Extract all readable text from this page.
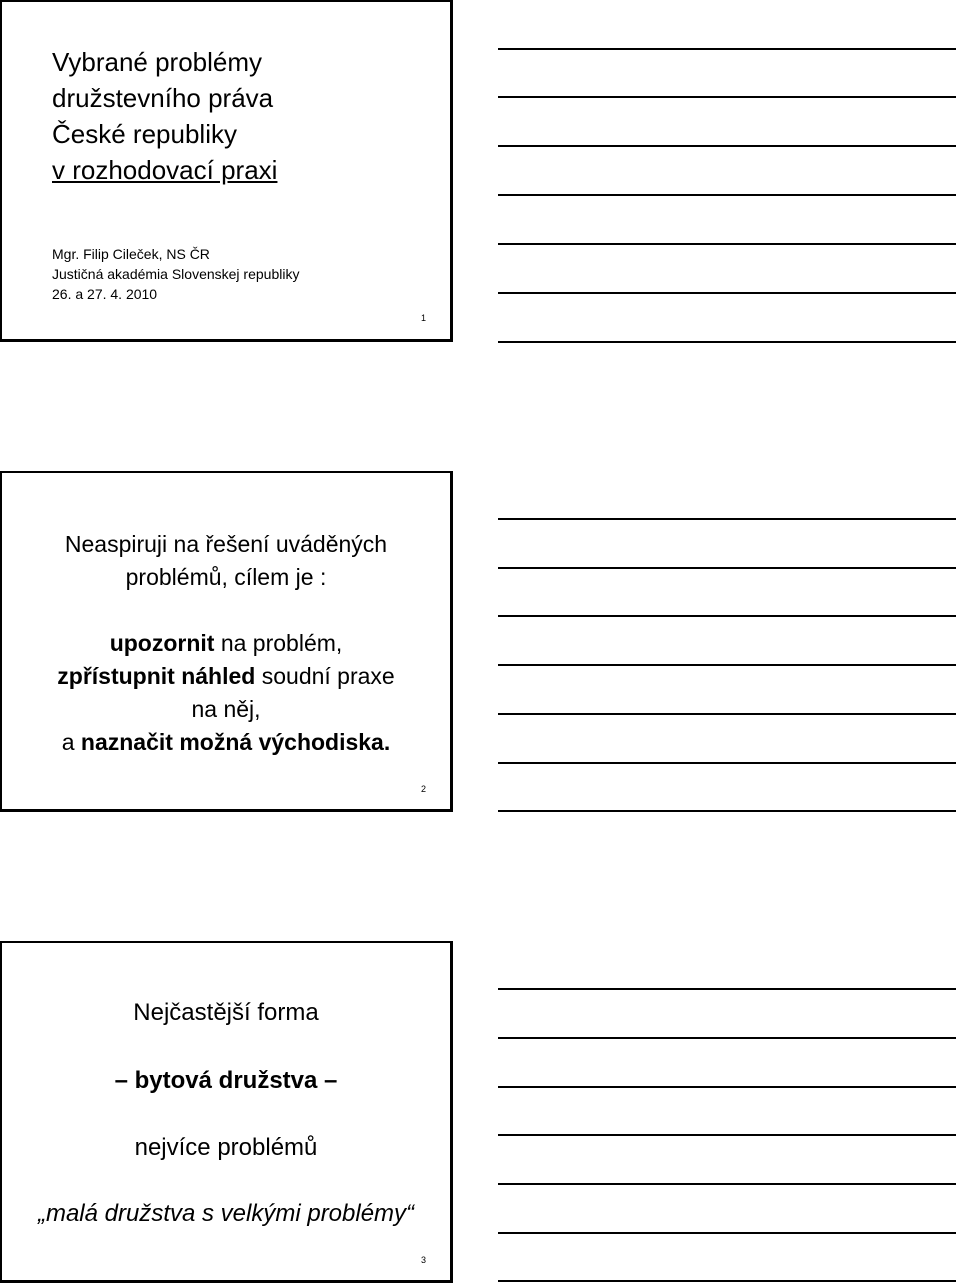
Vybrané problémy
družstevního práva
České republiky
v rozhodovací praxi
Mgr. Filip Cileček, NS ČR
Justičná akadémia Slovenskej republiky
26. a 27. 4. 2010
1
Neaspiruji na řešení uváděných
problémů, cílem je :
upozornit na problém,
zpřístupnit náhled soudní praxe
na něj,
a naznačit možná východiska.
2
Nejčastější forma
– bytová družstva –
nejvíce problémů
„malá družstva s velkými problémy“
3
